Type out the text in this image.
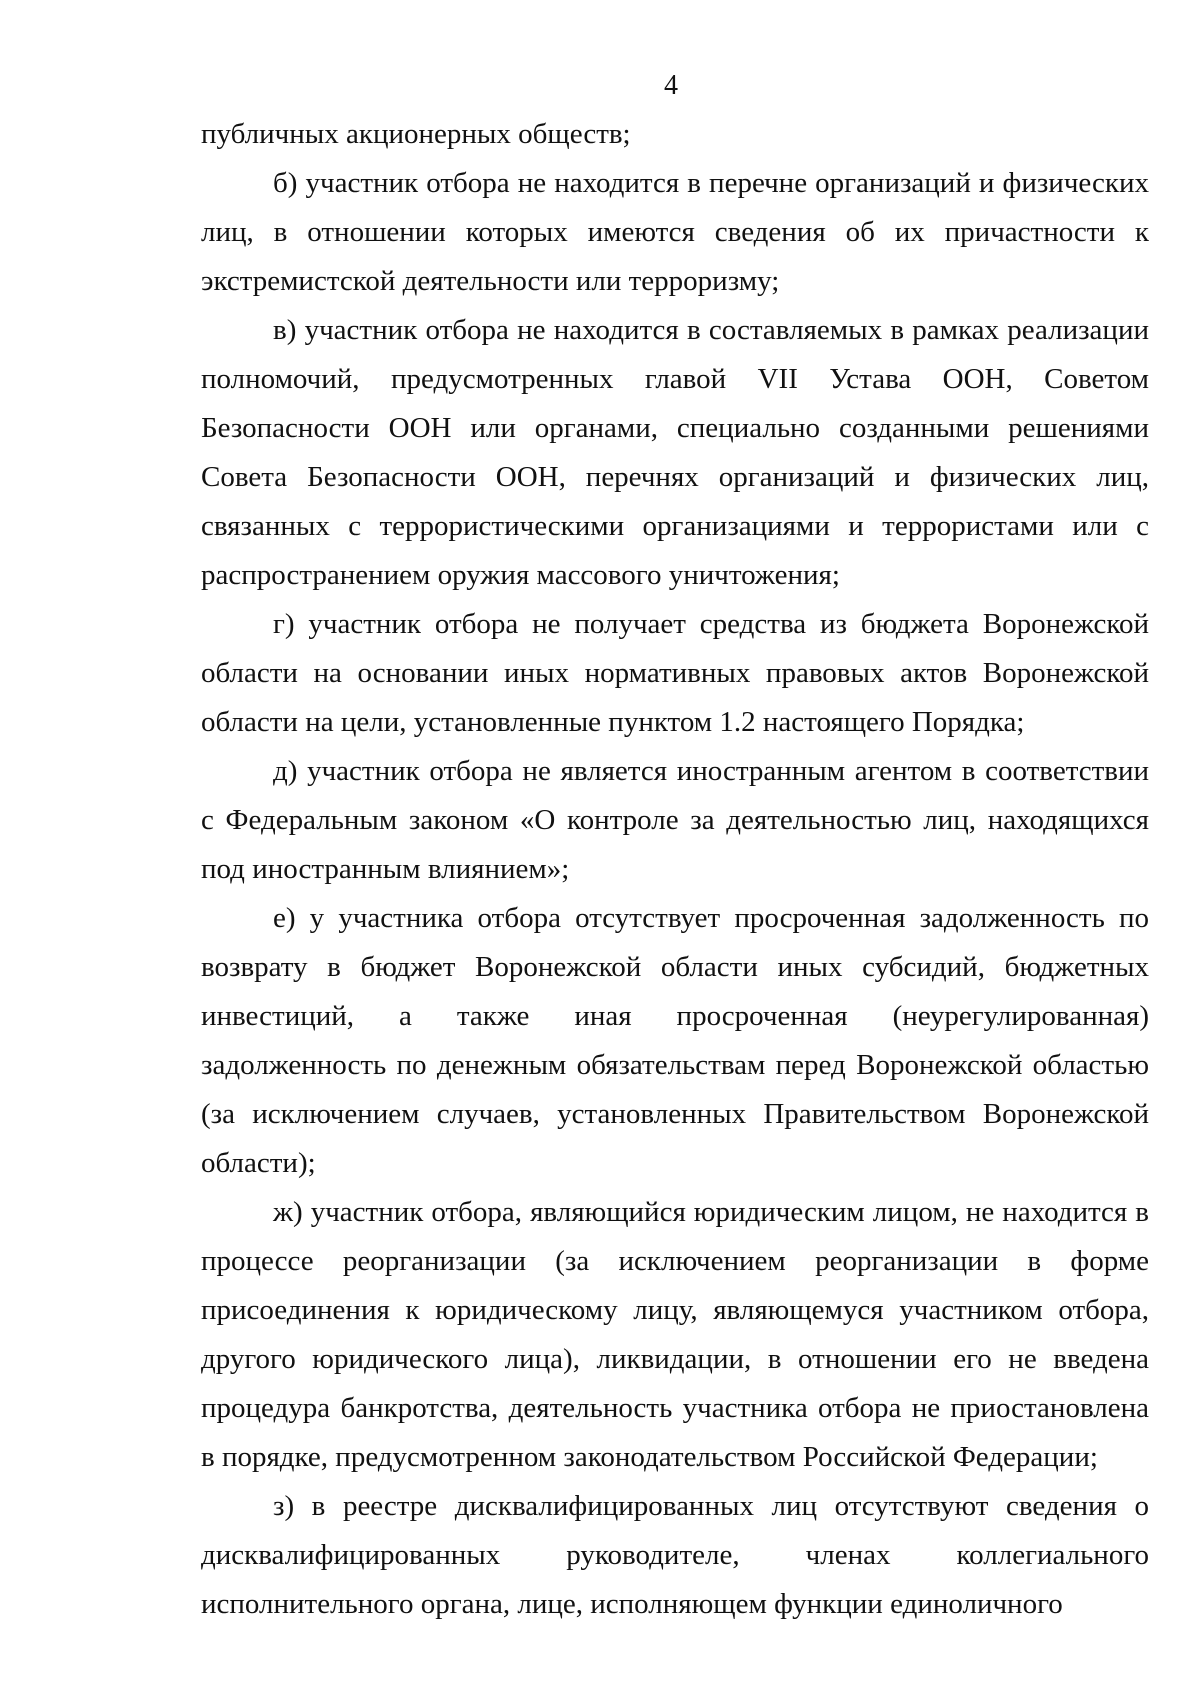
4

публичных акционерных обществ;

б) участник отбора не находится в перечне организаций и физических лиц, в отношении которых имеются сведения об их причастности к экстремистской деятельности или терроризму;

в) участник отбора не находится в составляемых в рамках реализации полномочий, предусмотренных главой VII Устава ООН, Советом Безопасности ООН или органами, специально созданными решениями Совета Безопасности ООН, перечнях организаций и физических лиц, связанных с террористическими организациями и террористами или с распространением оружия массового уничтожения;

г) участник отбора не получает средства из бюджета Воронежской области на основании иных нормативных правовых актов Воронежской области на цели, установленные пунктом 1.2 настоящего Порядка;

д) участник отбора не является иностранным агентом в соответствии с Федеральным законом «О контроле за деятельностью лиц, находящихся под иностранным влиянием»;

е) у участника отбора отсутствует просроченная задолженность по возврату в бюджет Воронежской области иных субсидий, бюджетных инвестиций, а также иная просроченная (неурегулированная) задолженность по денежным обязательствам перед Воронежской областью (за исключением случаев, установленных Правительством Воронежской области);

ж) участник отбора, являющийся юридическим лицом, не находится в процессе реорганизации (за исключением реорганизации в форме присоединения к юридическому лицу, являющемуся участником отбора, другого юридического лица), ликвидации, в отношении его не введена процедура банкротства, деятельность участника отбора не приостановлена в порядке, предусмотренном законодательством Российской Федерации;

з) в реестре дисквалифицированных лиц отсутствуют сведения о дисквалифицированных руководителе, членах коллегиального исполнительного органа, лице, исполняющем функции единоличного
